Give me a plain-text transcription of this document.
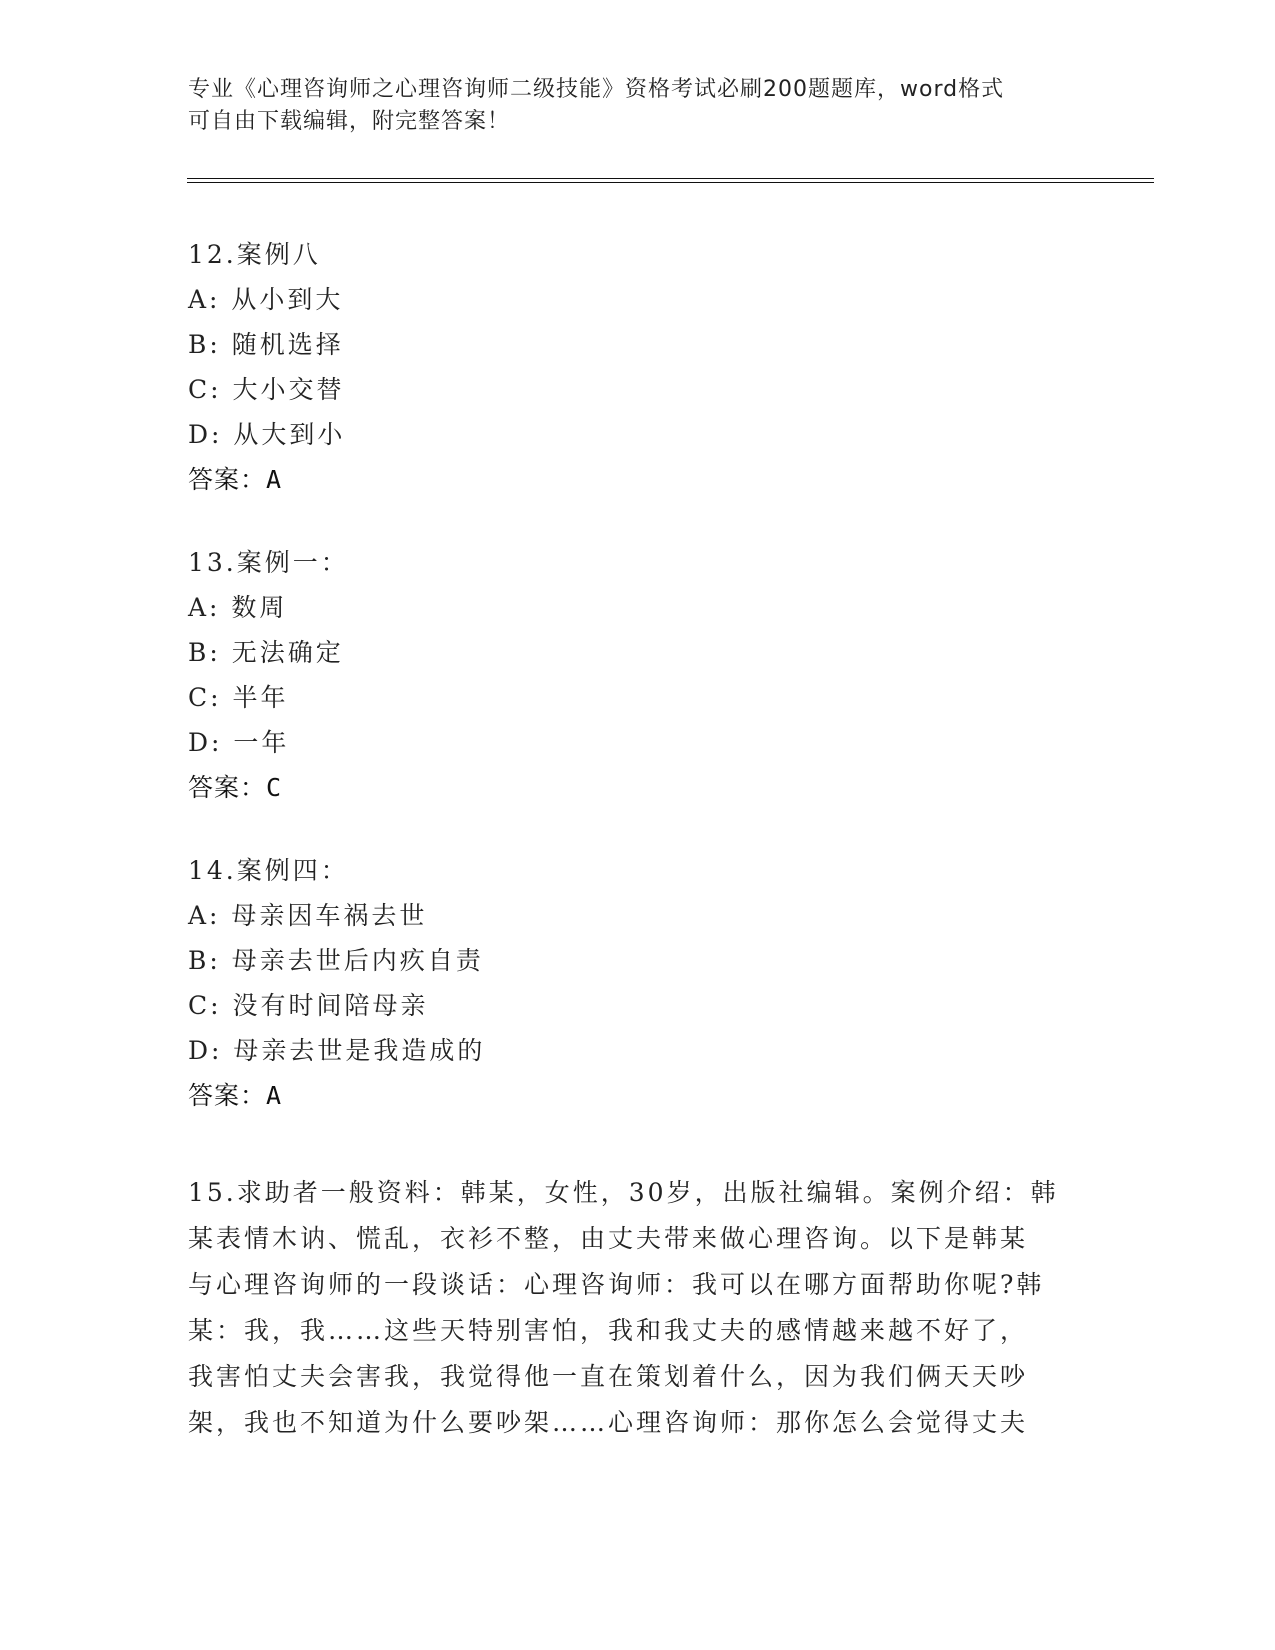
专业《心理咨询师之心理咨询师二级技能》资格考试必刷200题题库，word格式
可自由下载编辑，附完整答案！
12.案例八
A: 从小到大
B: 随机选择
C: 大小交替
D: 从大到小
答案：A
13.案例一：
A: 数周
B: 无法确定
C: 半年
D: 一年
答案：C
14.案例四：
A: 母亲因车祸去世
B: 母亲去世后内疚自责
C: 没有时间陪母亲
D: 母亲去世是我造成的
答案：A
15.求助者一般资料：韩某，女性，30岁，出版社编辑。案例介绍：韩
某表情木讷、慌乱，衣衫不整，由丈夫带来做心理咨询。以下是韩某
与心理咨询师的一段谈话：心理咨询师：我可以在哪方面帮助你呢?韩
某：我，我……这些天特别害怕，我和我丈夫的感情越来越不好了，
我害怕丈夫会害我，我觉得他一直在策划着什么，因为我们俩天天吵
架，我也不知道为什么要吵架……心理咨询师：那你怎么会觉得丈夫
